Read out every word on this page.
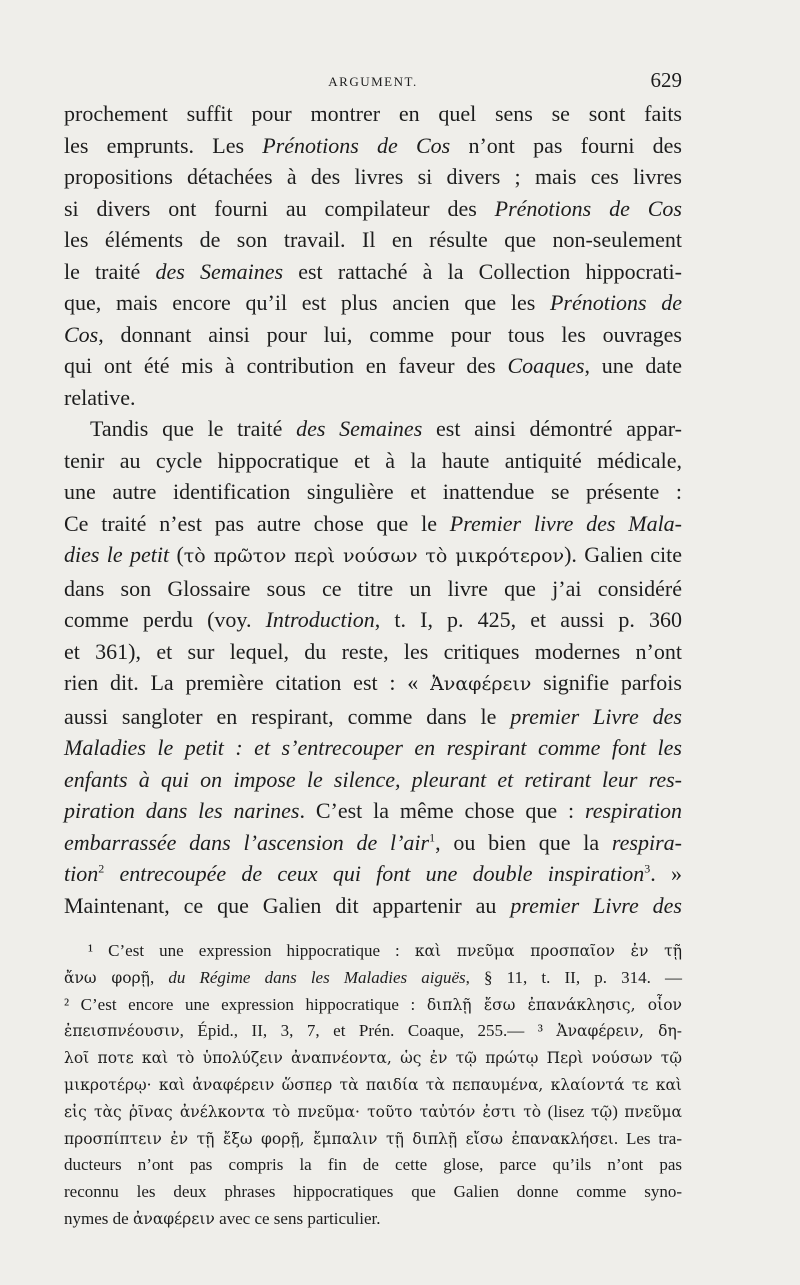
ARGUMENT.	629
prochement suffit pour montrer en quel sens se sont faits
les emprunts. Les Prénotions de Cos n’ont pas fourni des
propositions détachées à des livres si divers ; mais ces livres
si divers ont fourni au compilateur des Prénotions de Cos
les éléments de son travail. Il en résulte que non-seulement
le traité des Semaines est rattaché à la Collection hippocrati-
que, mais encore qu’il est plus ancien que les Prénotions de
Cos, donnant ainsi pour lui, comme pour tous les ouvrages
qui ont été mis à contribution en faveur des Coaques, une date
relative.
Tandis que le traité des Semaines est ainsi démontré appar-
tenir au cycle hippocratique et à la haute antiquité médicale,
une autre identification singulière et inattendue se présente :
Ce traité n’est pas autre chose que le Premier livre des Mala-
dies le petit (τὸ πρῶτον περὶ νούσων τὸ μικρότερον). Galien cite
dans son Glossaire sous ce titre un livre que j’ai considéré
comme perdu (voy. Introduction, t. I, p. 425, et aussi p. 360
et 361), et sur lequel, du reste, les critiques modernes n’ont
rien dit. La première citation est : « Ἀναφέρειν signifie parfois
aussi sangloter en respirant, comme dans le premier Livre des
Maladies le petit : et s’entrecouper en respirant comme font les
enfants à qui on impose le silence, pleurant et retirant leur res-
piration dans les narines. C’est la même chose que : respiration
embarrassée dans l’ascension de l’air$^1$, ou bien que la respira-
tion$^2$ entrecoupée de ceux qui font une double inspiration$^3$. »
Maintenant, ce que Galien dit appartenir au premier Livre des
¹ C’est une expression hippocratique : καὶ πνεῦμα προσπαῖον ἐν τῇ
ἄνω φορῇ, du Régime dans les Maladies aiguës, § 11, t. II, p. 314. —
² C’est encore une expression hippocratique : διπλῇ ἔσω ἐπανάκλησις, οἷον
ἐπεισπνέουσιν, Épid., II, 3, 7, et Prén. Coaque, 255.— ³ Ἀναφέρειν, δη-
λοῖ ποτε καὶ τὸ ὑπολύζειν ἀναπνέοντα, ὡς ἐν τῷ πρώτῳ Περὶ νούσων τῷ
μικροτέρῳ· καὶ ἀναφέρειν ὥσπερ τὰ παιδία τὰ πεπαυμένα, κλαίοντά τε καὶ
εἰς τὰς ῥῖνας ἀνέλκοντα τὸ πνεῦμα· τοῦτο ταὐτόν ἐστι τὸ (lisez τῷ) πνεῦμα
προσπίπτειν ἐν τῇ ἔξω φορῇ, ἔμπαλιν τῇ διπλῇ εἴσω ἐπανακλήσει. Les tra-
ducteurs n’ont pas compris la fin de cette glose, parce qu’ils n’ont pas
reconnu les deux phrases hippocratiques que Galien donne comme syno-
nymes de ἀναφέρειν avec ce sens particulier.
